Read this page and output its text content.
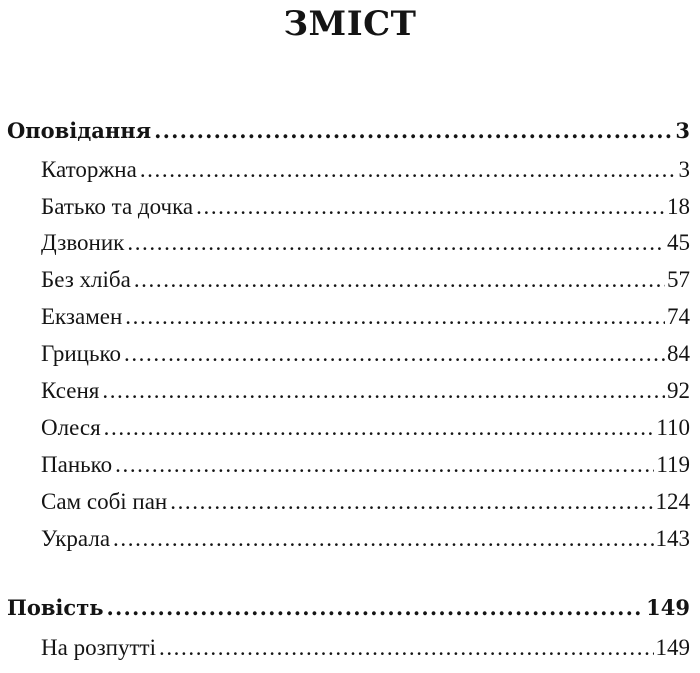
ЗМІСТ
Оповідання .....	3
Каторжна .....	3
Батько та дочка .....	18
Дзвоник .....	45
Без хліба .....	57
Екзамен .....	74
Грицько .....	84
Ксеня .....	92
Олеся .....	110
Панько .....	119
Сам собі пан .....	124
Украла .....	143
Повість .....	149
На розпутті .....	149
